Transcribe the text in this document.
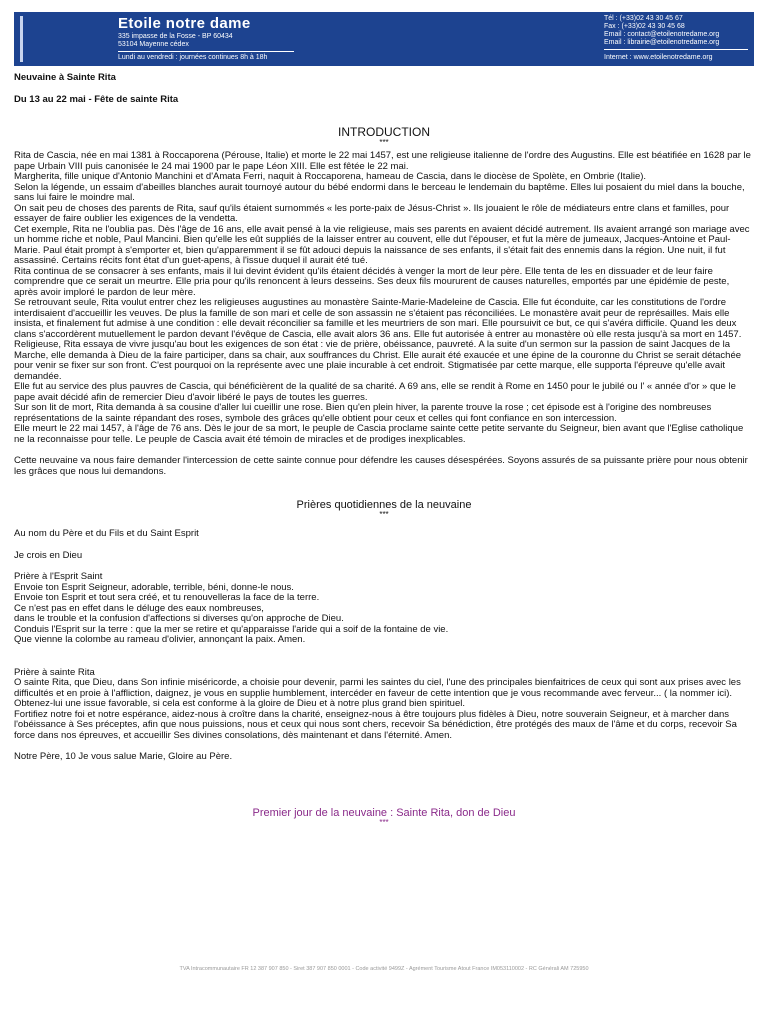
Etoile notre dame
335 impasse de la Fosse - BP 60434
53104 Mayenne cédex
Lundi au vendredi : journées continues 8h à 18h
Tél : (+33)02 43 30 45 67
Fax : (+33)02 43 30 45 68
Email : contact@etoilenotredame.org
Email : librairie@etoilenotredame.org
Internet : www.etoilenotredame.org

Neuvaine à Sainte Rita

Du 13 au 22 mai - Fête de sainte Rita

INTRODUCTION
***

Rita de Cascia, née en mai 1381 à Roccaporena (Pérouse, Italie) et morte le 22 mai 1457, est une religieuse italienne de l'ordre des Augustins. Elle est béatifiée en 1628 par le pape Urbain VIII puis canonisée le 24 mai 1900 par le pape Léon XIII. Elle est fêtée le 22 mai.

Margherita, fille unique d'Antonio Manchini et d'Amata Ferri, naquit à Roccaporena, hameau de Cascia, dans le diocèse de Spolète, en Ombrie (Italie).

Selon la légende, un essaim d'abeilles blanches aurait tournoyé autour du bébé endormi dans le berceau le lendemain du baptême. Elles lui posaient du miel dans la bouche, sans lui faire le moindre mal.

On sait peu de choses des parents de Rita, sauf qu'ils étaient surnommés « les porte-paix de Jésus-Christ ». Ils jouaient le rôle de médiateurs entre clans et familles, pour essayer de faire oublier les exigences de la vendetta.

Cet exemple, Rita ne l'oublia pas. Dès l'âge de 16 ans, elle avait pensé à la vie religieuse, mais ses parents en avaient décidé autrement. Ils avaient arrangé son mariage avec un homme riche et noble, Paul Mancini. Bien qu'elle les eût suppliés de la laisser entrer au couvent, elle dut l'épouser, et fut la mère de jumeaux, Jacques-Antoine et Paul-Marie. Paul était prompt à s'emporter et, bien qu'apparemment il se fût adouci depuis la naissance de ses enfants, il s'était fait des ennemis dans la région. Une nuit, il fut assassiné. Certains récits font état d'un guet-apens, à l'issue duquel il aurait été tué.

Rita continua de se consacrer à ses enfants, mais il lui devint évident qu'ils étaient décidés à venger la mort de leur père. Elle tenta de les en dissuader et de leur faire comprendre que ce serait un meurtre. Elle pria pour qu'ils renoncent à leurs desseins. Ses deux fils moururent de causes naturelles, emportés par une épidémie de peste, après avoir imploré le pardon de leur mère.

Se retrouvant seule, Rita voulut entrer chez les religieuses augustines au monastère Sainte-Marie-Madeleine de Cascia. Elle fut éconduite, car les constitutions de l'ordre interdisaient d'accueillir les veuves. De plus la famille de son mari et celle de son assassin ne s'étaient pas réconciliées. Le monastère avait peur de représailles. Mais elle insista, et finalement fut admise à une condition : elle devait réconcilier sa famille et les meurtriers de son mari. Elle poursuivit ce but, ce qui s'avéra difficile. Quand les deux clans s'accordèrent mutuellement le pardon devant l'évêque de Cascia, elle avait alors 36 ans. Elle fut autorisée à entrer au monastère où elle resta jusqu'à sa mort en 1457.

Religieuse, Rita essaya de vivre jusqu'au bout les exigences de son état : vie de prière, obéissance, pauvreté. A la suite d'un sermon sur la passion de saint Jacques de la Marche, elle demanda à Dieu de la faire participer, dans sa chair, aux souffrances du Christ. Elle aurait été exaucée et une épine de la couronne du Christ se serait détachée pour venir se fixer sur son front. C'est pourquoi on la représente avec une plaie incurable à cet endroit. Stigmatisée par cette marque, elle supporta l'épreuve qu'elle avait demandée.

Elle fut au service des plus pauvres de Cascia, qui bénéficièrent de la qualité de sa charité. A 69 ans, elle se rendit à Rome en 1450 pour le jubilé ou l' « année d'or » que le pape avait décidé afin de remercier Dieu d'avoir libéré le pays de toutes les guerres.

Sur son lit de mort, Rita demanda à sa cousine d'aller lui cueillir une rose. Bien qu'en plein hiver, la parente trouve la rose ; cet épisode est à l'origine des nombreuses représentations de la sainte répandant des roses, symbole des grâces qu'elle obtient pour ceux et celles qui font confiance en son intercession.

Elle meurt le 22 mai 1457, à l'âge de 76 ans. Dès le jour de sa mort, le peuple de Cascia proclame sainte cette petite servante du Seigneur, bien avant que l'Eglise catholique ne la reconnaisse pour telle. Le peuple de Cascia avait été témoin de miracles et de prodiges inexplicables.

Cette neuvaine va nous faire demander l'intercession de cette sainte connue pour défendre les causes désespérées. Soyons assurés de sa puissante prière pour nous obtenir les grâces que nous lui demandons.

Prières quotidiennes de la neuvaine
***

Au nom du Père et du Fils et du Saint Esprit

Je crois en Dieu

Prière à l'Esprit Saint

Envoie ton Esprit Seigneur, adorable, terrible, béni, donne-le nous.

Envoie ton Esprit et tout sera créé, et tu renouvelleras la face de la terre.

Ce n'est pas en effet dans le déluge des eaux nombreuses,

dans le trouble et la confusion d'affections si diverses qu'on approche de Dieu.

Conduis l'Esprit sur la terre : que la mer se retire et qu'apparaisse l'aride qui a soif de la fontaine de vie.

Que vienne la colombe au rameau d'olivier, annonçant la paix. Amen.

Prière à sainte Rita

O sainte Rita, que Dieu, dans Son infinie miséricorde, a choisie pour devenir, parmi les saintes du ciel, l'une des principales bienfaitrices de ceux qui sont aux prises avec les difficultés et en proie à l'affliction, daignez, je vous en supplie humblement, intercéder en faveur de cette intention que je vous recommande avec ferveur... ( la nommer ici).

Obtenez-lui une issue favorable, si cela est conforme à la gloire de Dieu et à notre plus grand bien spirituel.

Fortifiez notre foi et notre espérance, aidez-nous à croître dans la charité, enseignez-nous à être toujours plus fidèles à Dieu, notre souverain Seigneur, et à marcher dans l'obéissance à Ses préceptes, afin que nous puissions, nous et ceux qui nous sont chers, recevoir Sa bénédiction, être protégés des maux de l'âme et du corps, recevoir Sa force dans nos épreuves, et accueillir Ses divines consolations, dès maintenant et dans l'éternité. Amen.

Notre Père, 10 Je vous salue Marie, Gloire au Père.

Premier jour de la neuvaine : Sainte Rita, don de Dieu
***
TVA Intracommunautaire FR 12 387 907 850 - Siret 387 907 850 0001 - Code activité 9499Z - Agrément Tourisme Atout France IM053110002 - RC Générali AM 725950
